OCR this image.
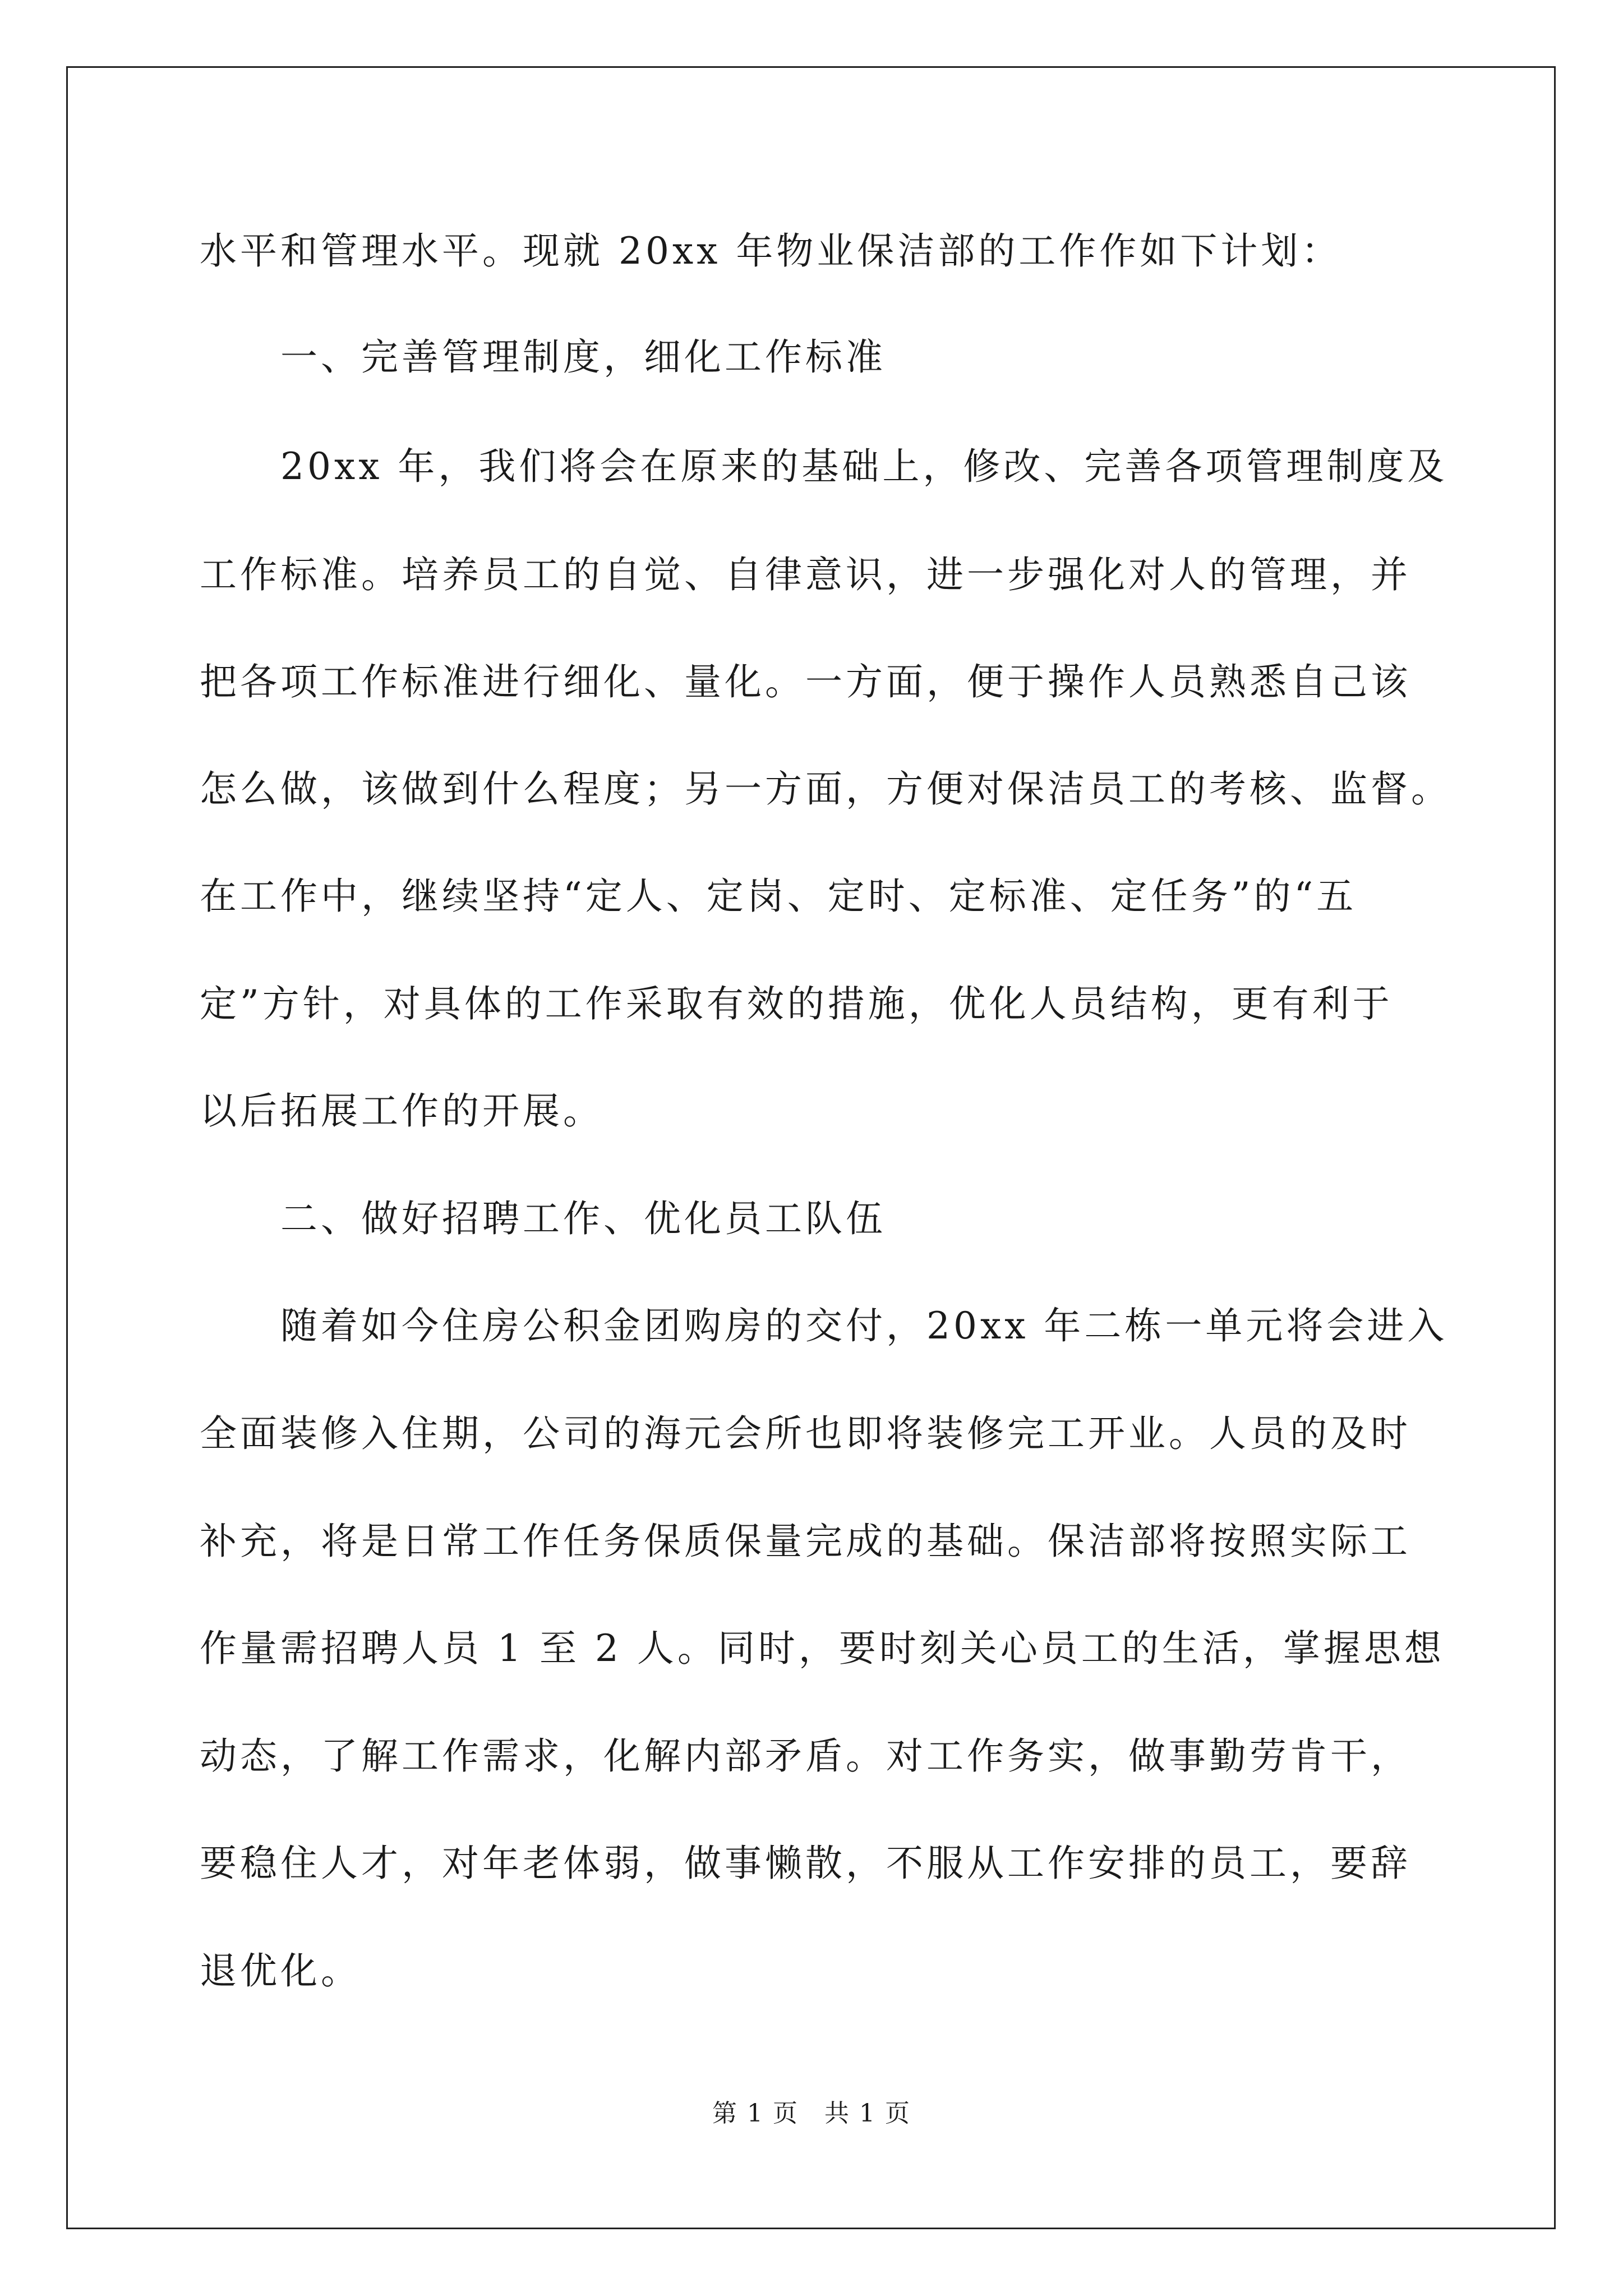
水平和管理水平。现就 20xx 年物业保洁部的工作作如下计划：
一、完善管理制度，细化工作标准
20xx 年，我们将会在原来的基础上，修改、完善各项管理制度及
工作标准。培养员工的自觉、自律意识，进一步强化对人的管理，并
把各项工作标准进行细化、量化。一方面，便于操作人员熟悉自己该
怎么做，该做到什么程度；另一方面，方便对保洁员工的考核、监督。
在工作中，继续坚持“定人、定岗、定时、定标准、定任务”的“五
定”方针，对具体的工作采取有效的措施，优化人员结构，更有利于
以后拓展工作的开展。
二、做好招聘工作、优化员工队伍
随着如今住房公积金团购房的交付，20xx 年二栋一单元将会进入
全面装修入住期，公司的海元会所也即将装修完工开业。人员的及时
补充，将是日常工作任务保质保量完成的基础。保洁部将按照实际工
作量需招聘人员 1 至 2 人。同时，要时刻关心员工的生活，掌握思想
动态，了解工作需求，化解内部矛盾。对工作务实，做事勤劳肯干，
要稳住人才，对年老体弱，做事懒散，不服从工作安排的员工，要辞
退优化。
第 1 页　共 1 页
